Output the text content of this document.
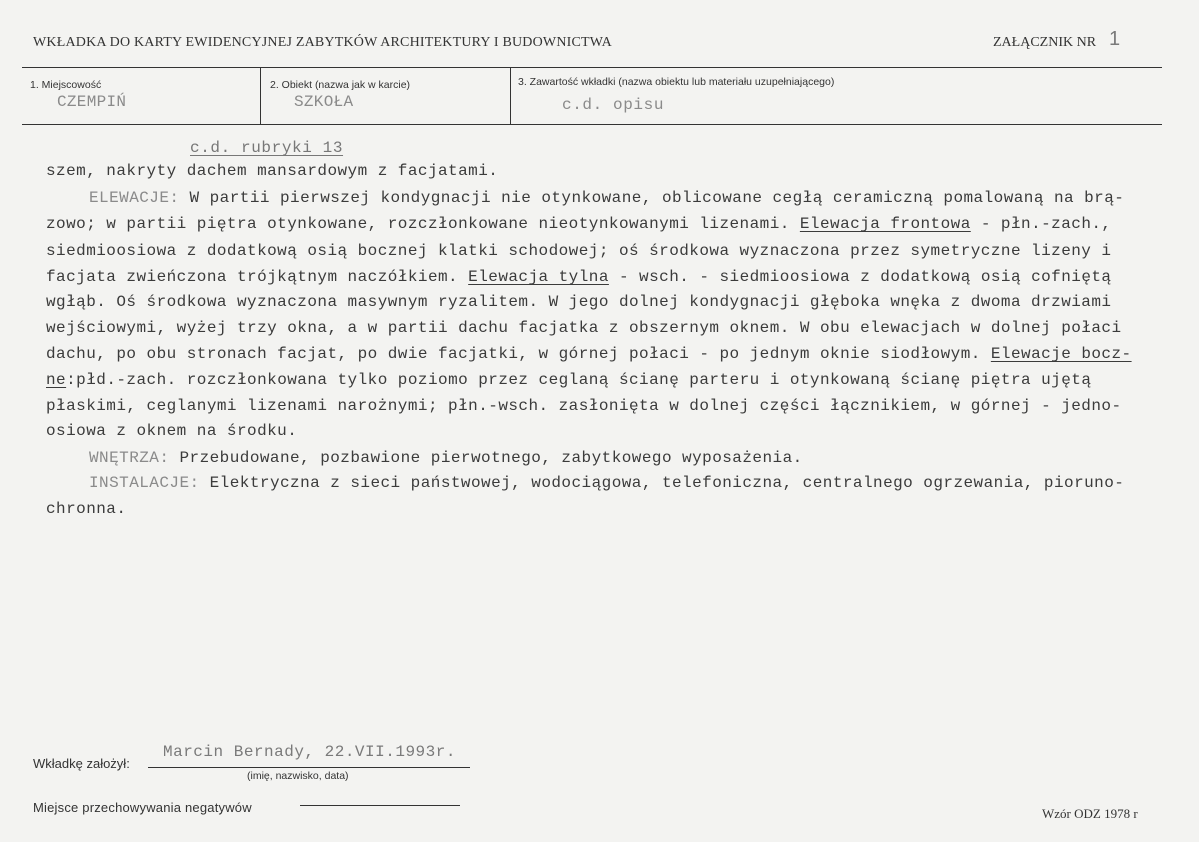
WKŁADKA DO KARTY EWIDENCYJNEJ ZABYTKÓW ARCHITEKTURY I BUDOWNICTWA	ZAŁĄCZNIK NR 1
1. Miejscowość
CZEMPIŃ
2. Obiekt (nazwa jak w karcie)
SZKOŁA
3. Zawartość wkładki (nazwa obiektu lub materiału uzupełniającego)
c.d. opisu
c.d. rubryki 13
szem, nakryty dachem mansardowym z facjatami.
ELEWACJE: W partii pierwszej kondygnacji nie otynkowane, oblicowane cegłą ceramiczną pomalowaną na brą-
zowo; w partii piętra otynkowane, rozczłonkowane nieotynkowanymi lizenami. Elewacja frontowa - płn.-zach.,
siedmioosiowa z dodatkową osią bocznej klatki schodowej; oś środkowa wyznaczona przez symetryczne lizeny i
facjata zwieńczona trójkątnym naczółkiem. Elewacja tylna - wsch. - siedmioosiowa z dodatkową osią cofniętą
wgłąb. Oś środkowa wyznaczona masywnym ryzalitem. W jego dolnej kondygnacji głęboka wnęka z dwoma drzwiami
wejściowymi, wyżej trzy okna, a w partii dachu facjatka z obszernym oknem. W obu elewacjach w dolnej połaci
dachu, po obu stronach facjat, po dwie facjatki, w górnej połaci - po jednym oknie siodłowym. Elewacje bocz-
ne:płd.-zach. rozczłonkowana tylko poziomo przez ceglaną ścianę parteru i otynkowaną ścianę piętra ujętą
płaskimi, ceglanymi lizenami narożnymi; płn.-wsch. zasłonięta w dolnej części łącznikiem, w górnej - jedno-
osiowa z oknem na środku.
WNĘTRZA: Przebudowane, pozbawione pierwotnego, zabytkowego wyposażenia.
INSTALACJE: Elektryczna z sieci państwowej, wodociągowa, telefoniczna, centralnego ogrzewania, pioruno-
chronna.
Wkładkę założył:
Marcin Bernady, 22.VII.1993r.
(imię, nazwisko, data)
Miejsce przechowywania negatywów	Wzór ODZ 1978 r
